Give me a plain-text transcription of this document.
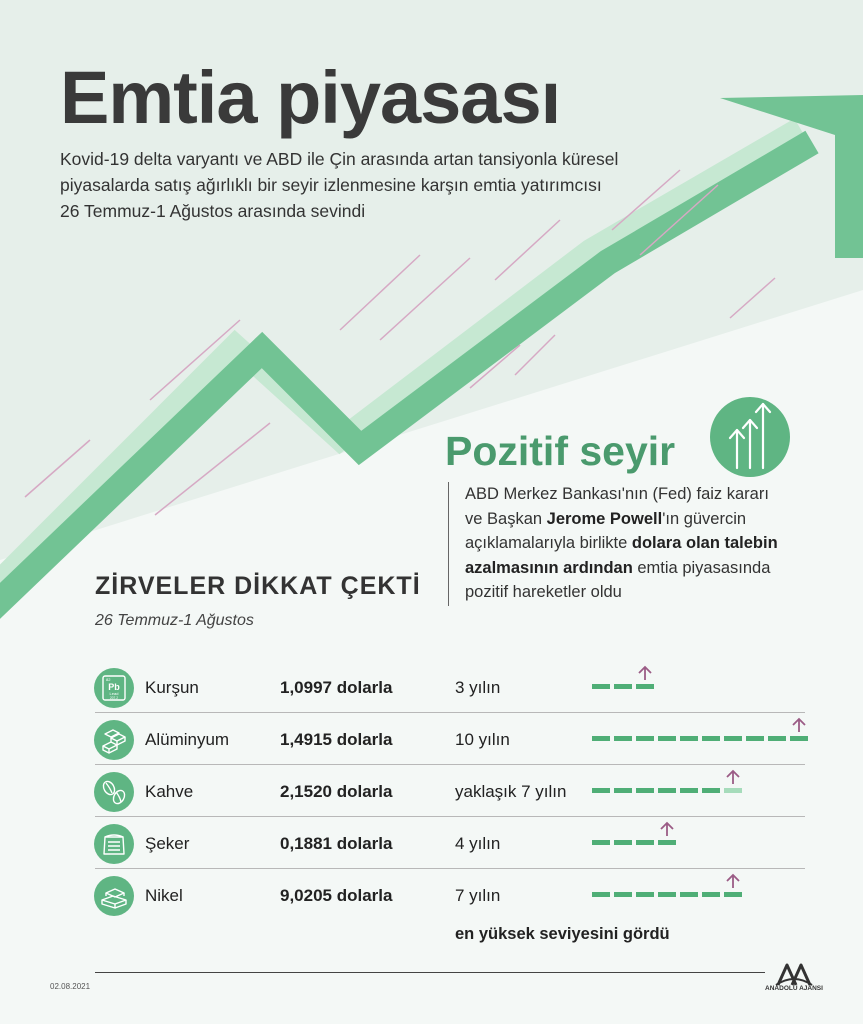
Emtia piyasası
Kovid-19 delta varyantı ve ABD ile Çin arasında artan tansiyonla küresel piyasalarda satış ağırlıklı bir seyir izlenmesine karşın emtia yatırımcısı 26 Temmuz-1 Ağustos arasında sevindi
Pozitif seyir
ABD Merkez Bankası'nın (Fed) faiz kararı ve Başkan Jerome Powell'ın güvercin açıklamalarıyla birlikte dolara olan talebin azalmasının ardından emtia piyasasında pozitif hareketler oldu
ZİRVELER DİKKAT ÇEKTİ
26 Temmuz-1 Ağustos
82
Pb
Lead
207.2
Kurşun	1,0997 dolarla	3 yılın
Alüminyum	1,4915 dolarla	10 yılın
Kahve	2,1520 dolarla	yaklaşık 7 yılın
Şeker	0,1881 dolarla	4 yılın
Nikel	9,0205 dolarla	7 yılın
en yüksek seviyesini gördü
02.08.2021	ANADOLU AJANSI
